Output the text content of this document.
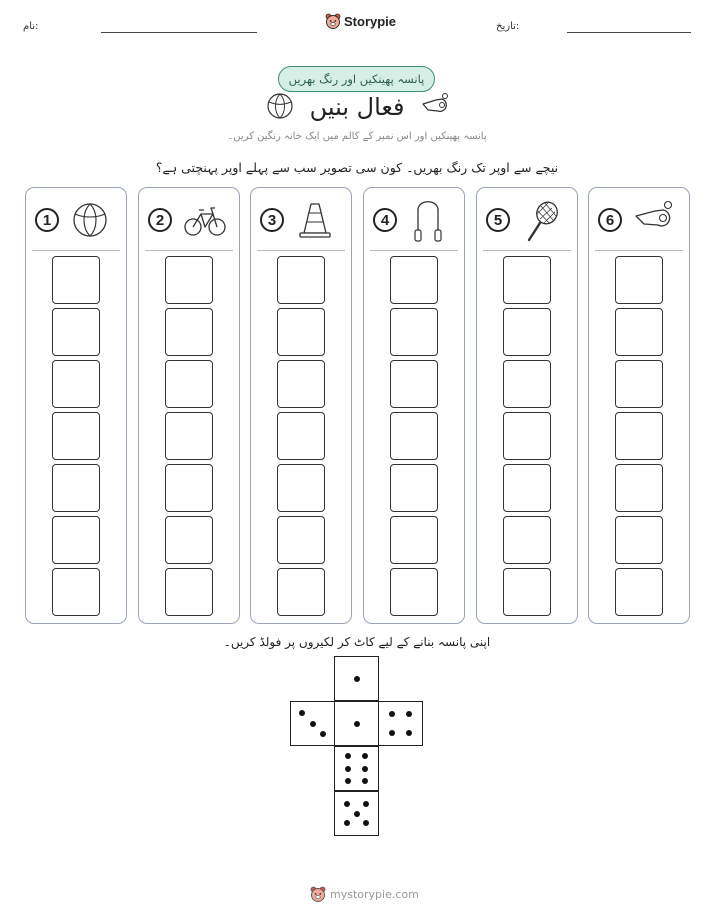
نام:	Storypie	تاریخ:
پانسہ پھینکیں اور رنگ بھریں
فعال بنیں
پانسہ پھینکیں اور اس نمبر کے کالم میں ایک خانہ رنگین کریں۔
نیچے سے اوپر تک رنگ بھریں۔ کون سی تصویر سب سے پہلے اوپر پہنچتی ہے؟
1	2	3	4	5	6
اپنی پانسہ بنانے کے لیے کاٹ کر لکیروں پر فولڈ کریں۔
mystorypie.com
